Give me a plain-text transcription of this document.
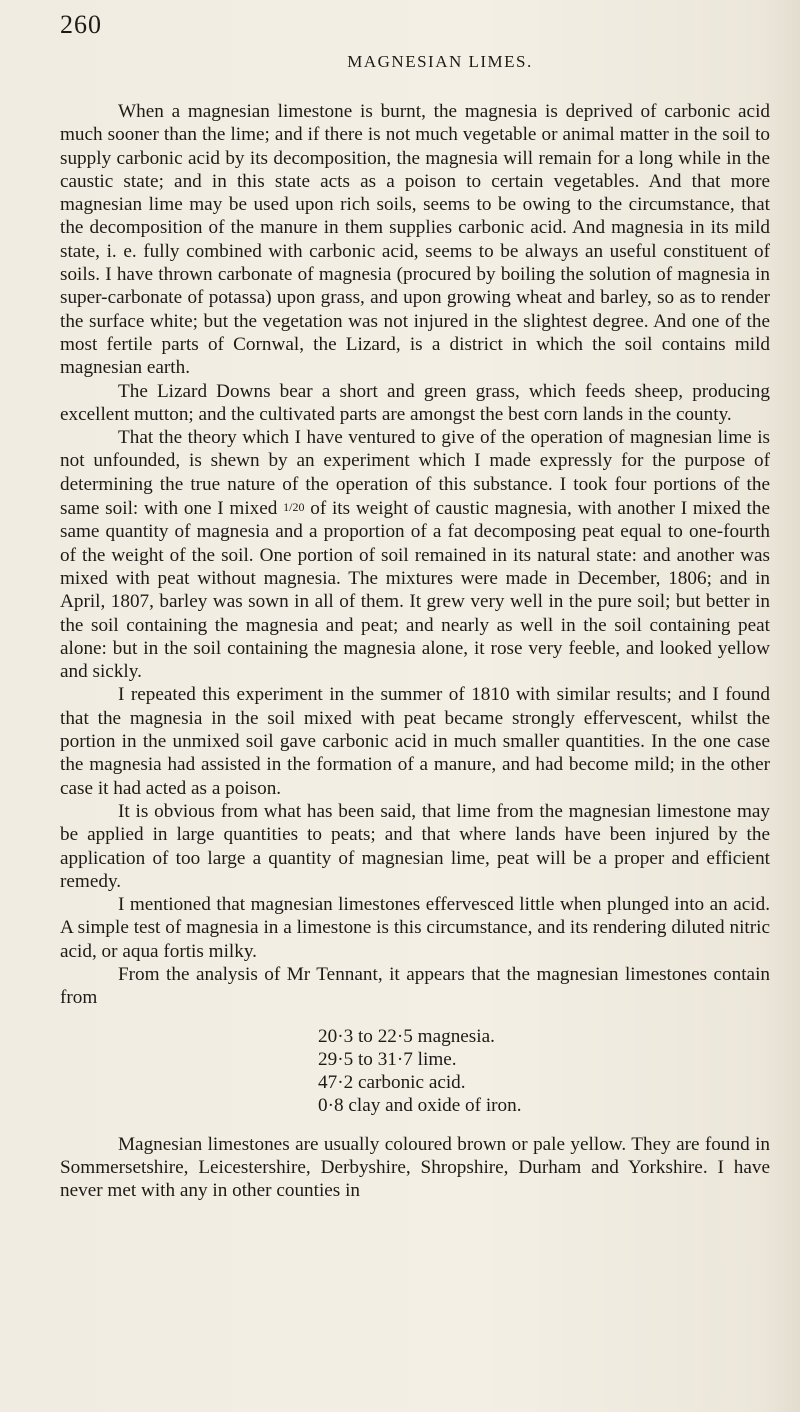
260
MAGNESIAN LIMES.

When a magnesian limestone is burnt, the magnesia is deprived of carbonic acid much sooner than the lime; and if there is not much vegetable or animal matter in the soil to supply carbonic acid by its decomposition, the magnesia will remain for a long while in the caustic state; and in this state acts as a poison to certain vegetables. And that more magnesian lime may be used upon rich soils, seems to be owing to the circumstance, that the decomposition of the manure in them supplies carbonic acid. And magnesia in its mild state, i. e. fully combined with carbonic acid, seems to be always an useful constituent of soils. I have thrown carbonate of magnesia (procured by boiling the solution of magnesia in super-carbonate of potassa) upon grass, and upon growing wheat and barley, so as to render the surface white; but the vegetation was not injured in the slightest degree. And one of the most fertile parts of Cornwal, the Lizard, is a district in which the soil contains mild magnesian earth.

The Lizard Downs bear a short and green grass, which feeds sheep, producing excellent mutton; and the cultivated parts are amongst the best corn lands in the county.

That the theory which I have ventured to give of the operation of magnesian lime is not unfounded, is shewn by an experiment which I made expressly for the purpose of determining the true nature of the operation of this substance. I took four portions of the same soil: with one I mixed 1/20 of its weight of caustic magnesia, with another I mixed the same quantity of magnesia and a proportion of a fat decomposing peat equal to one-fourth of the weight of the soil. One portion of soil remained in its natural state: and another was mixed with peat without magnesia. The mixtures were made in December, 1806; and in April, 1807, barley was sown in all of them. It grew very well in the pure soil; but better in the soil containing the magnesia and peat; and nearly as well in the soil containing peat alone: but in the soil containing the magnesia alone, it rose very feeble, and looked yellow and sickly.

I repeated this experiment in the summer of 1810 with similar results; and I found that the magnesia in the soil mixed with peat became strongly effervescent, whilst the portion in the unmixed soil gave carbonic acid in much smaller quantities. In the one case the magnesia had assisted in the formation of a manure, and had become mild; in the other case it had acted as a poison.

It is obvious from what has been said, that lime from the magnesian limestone may be applied in large quantities to peats; and that where lands have been injured by the application of too large a quantity of magnesian lime, peat will be a proper and efficient remedy.

I mentioned that magnesian limestones effervesced little when plunged into an acid. A simple test of magnesia in a limestone is this circumstance, and its rendering diluted nitric acid, or aqua fortis milky.

From the analysis of Mr Tennant, it appears that the magnesian limestones contain from

20·3 to 22·5 magnesia.
29·5 to 31·7 lime.
47·2 carbonic acid.
0·8 clay and oxide of iron.

Magnesian limestones are usually coloured brown or pale yellow. They are found in Sommersetshire, Leicestershire, Derbyshire, Shropshire, Durham and Yorkshire. I have never met with any in other counties in
